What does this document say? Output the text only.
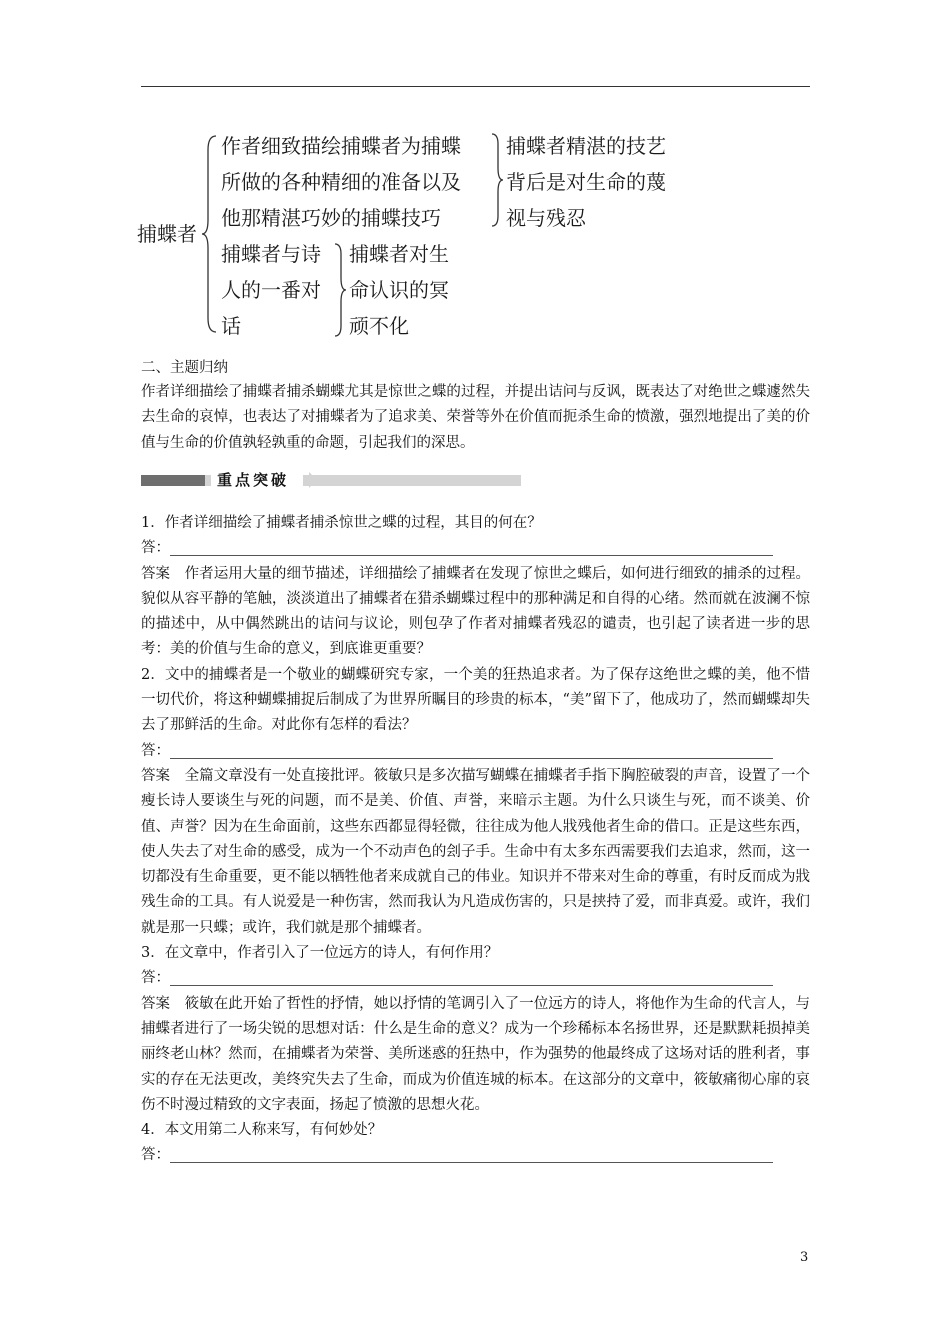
捕蝶者
作者细致描绘捕蝶者为捕蝶
所做的各种精细的准备以及
他那精湛巧妙的捕蝶技巧
捕蝶者精湛的技艺
背后是对生命的蔑
视与残忍
捕蝶者与诗
人的一番对
话
捕蝶者对生
命认识的冥
顽不化
二、主题归纳

作者详细描绘了捕蝶者捕杀蝴蝶尤其是惊世之蝶的过程，并提出诘问与反讽，既表达了对绝世之蝶遽然失去生命的哀悼，也表达了对捕蝶者为了追求美、荣誉等外在价值而扼杀生命的愤激，强烈地提出了美的价值与生命的价值孰轻孰重的命题，引起我们的深思。

重点突破

1．作者详细描绘了捕蝶者捕杀惊世之蝶的过程，其目的何在？

答：

答案　作者运用大量的细节描述，详细描绘了捕蝶者在发现了惊世之蝶后，如何进行细致的捕杀的过程。貌似从容平静的笔触，淡淡道出了捕蝶者在猎杀蝴蝶过程中的那种满足和自得的心绪。然而就在波澜不惊的描述中，从中偶然跳出的诘问与议论，则包孕了作者对捕蝶者残忍的谴责，也引起了读者进一步的思考：美的价值与生命的意义，到底谁更重要？

2．文中的捕蝶者是一个敬业的蝴蝶研究专家，一个美的狂热追求者。为了保存这绝世之蝶的美，他不惜一切代价，将这种蝴蝶捕捉后制成了为世界所瞩目的珍贵的标本，“美”留下了，他成功了，然而蝴蝶却失去了那鲜活的生命。对此你有怎样的看法？

答：

答案　全篇文章没有一处直接批评。筱敏只是多次描写蝴蝶在捕蝶者手指下胸腔破裂的声音，设置了一个瘦长诗人要谈生与死的问题，而不是美、价值、声誉，来暗示主题。为什么只谈生与死，而不谈美、价值、声誉？因为在生命面前，这些东西都显得轻微，往往成为他人戕残他者生命的借口。正是这些东西，使人失去了对生命的感受，成为一个不动声色的刽子手。生命中有太多东西需要我们去追求，然而，这一切都没有生命重要，更不能以牺牲他者来成就自己的伟业。知识并不带来对生命的尊重，有时反而成为戕残生命的工具。有人说爱是一种伤害，然而我认为凡造成伤害的，只是挟持了爱，而非真爱。或许，我们就是那一只蝶；或许，我们就是那个捕蝶者。

3．在文章中，作者引入了一位远方的诗人，有何作用？

答：

答案　筱敏在此开始了哲性的抒情，她以抒情的笔调引入了一位远方的诗人，将他作为生命的代言人，与捕蝶者进行了一场尖锐的思想对话：什么是生命的意义？成为一个珍稀标本名扬世界，还是默默耗损掉美丽终老山林？然而，在捕蝶者为荣誉、美所迷惑的狂热中，作为强势的他最终成了这场对话的胜利者，事实的存在无法更改，美终究失去了生命，而成为价值连城的标本。在这部分的文章中，筱敏痛彻心扉的哀伤不时漫过精致的文字表面，扬起了愤激的思想火花。

4．本文用第二人称来写，有何妙处？

答：

3
